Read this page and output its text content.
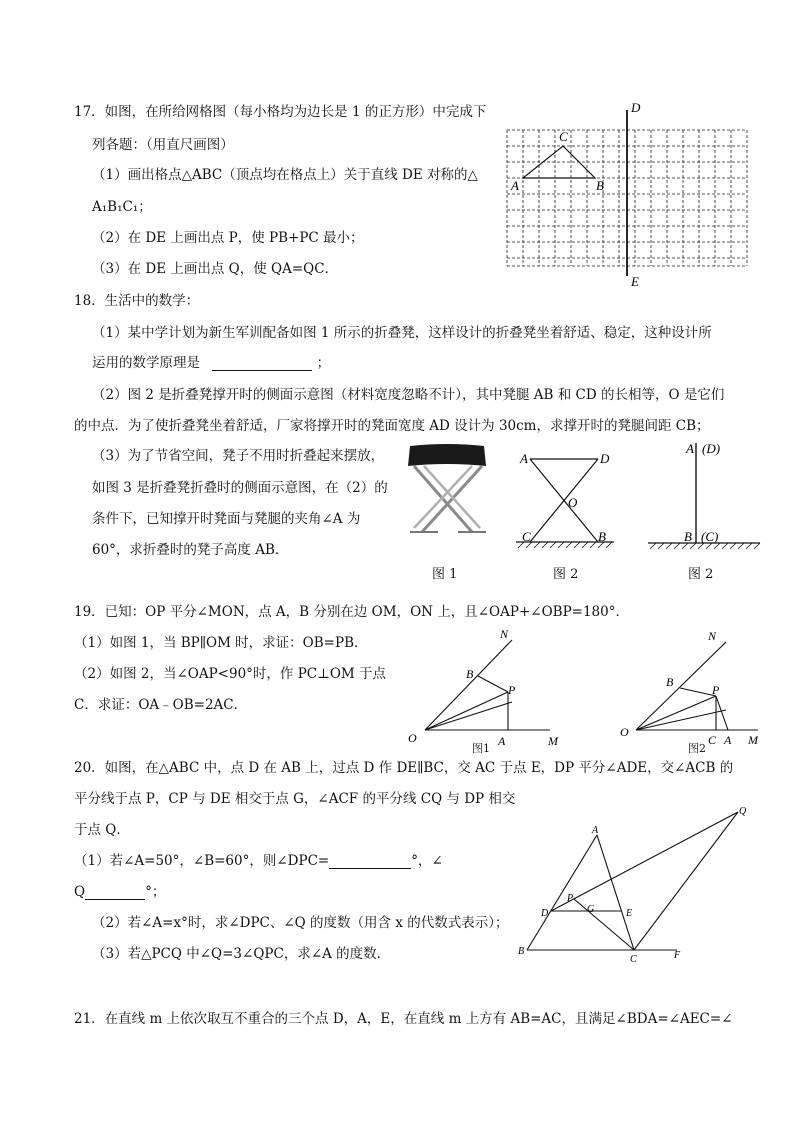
17．如图，在所给网格图（每小格均为边长是 1 的正方形）中完成下
列各题：（用直尺画图）
（1）画出格点△ABC（顶点均在格点上）关于直线 DE 对称的△
A₁B₁C₁；
（2）在 DE 上画出点 P，使 PB+PC 最小；
（3）在 DE 上画出点 Q，使 QA=QC．
D
E
C
A	B
18．生活中的数学：
（1）某中学计划为新生军训配备如图 1 所示的折叠凳，这样设计的折叠凳坐着舒适、稳定，这种设计所
运用的数学原理是	；
（2）图 2 是折叠凳撑开时的侧面示意图（材料宽度忽略不计），其中凳腿 AB 和 CD 的长相等，O 是它们
的中点．为了使折叠凳坐着舒适，厂家将撑开时的凳面宽度 AD 设计为 30cm，求撑开时的凳腿间距 CB；
（3）为了节省空间，凳子不用时折叠起来摆放，
如图 3 是折叠凳折叠时的侧面示意图，在（2）的
条件下，已知撑开时凳面与凳腿的夹角∠A 为
60°，求折叠时的凳子高度 AB．
图 1
A	D
O
C	B
图 2
A (D)
B (C)
图 2
19．已知：OP 平分∠MON，点 A，B 分别在边 OM，ON 上，且∠OAP+∠OBP=180°．
（1）如图 1，当 BP∥OM 时，求证：OB=PB．
（2）如图 2，当∠OAP<90°时，作 PC⊥OM 于点
C．求证：OA﹣OB=2AC．
N
B
P
O	A	M
图1
N
B
P
O
C A M
图2
20．如图，在△ABC 中，点 D 在 AB 上，过点 D 作 DE∥BC，交 AC 于点 E，DP 平分∠ADE，交∠ACB 的
平分线于点 P，CP 与 DE 相交于点 G，∠ACF 的平分线 CQ 与 DP 相交
于点 Q．
（1）若∠A=50°，∠B=60°，则∠DPC=	°，∠
Q	°；
（2）若∠A=x°时，求∠DPC、∠Q 的度数（用含 x 的代数式表示）；
（3）若△PCQ 中∠Q=3∠QPC，求∠A 的度数．
A
Q
P
G
D	E
B
C	F
21．在直线 m 上依次取互不重合的三个点 D，A，E，在直线 m 上方有 AB=AC，且满足∠BDA=∠AEC=∠
